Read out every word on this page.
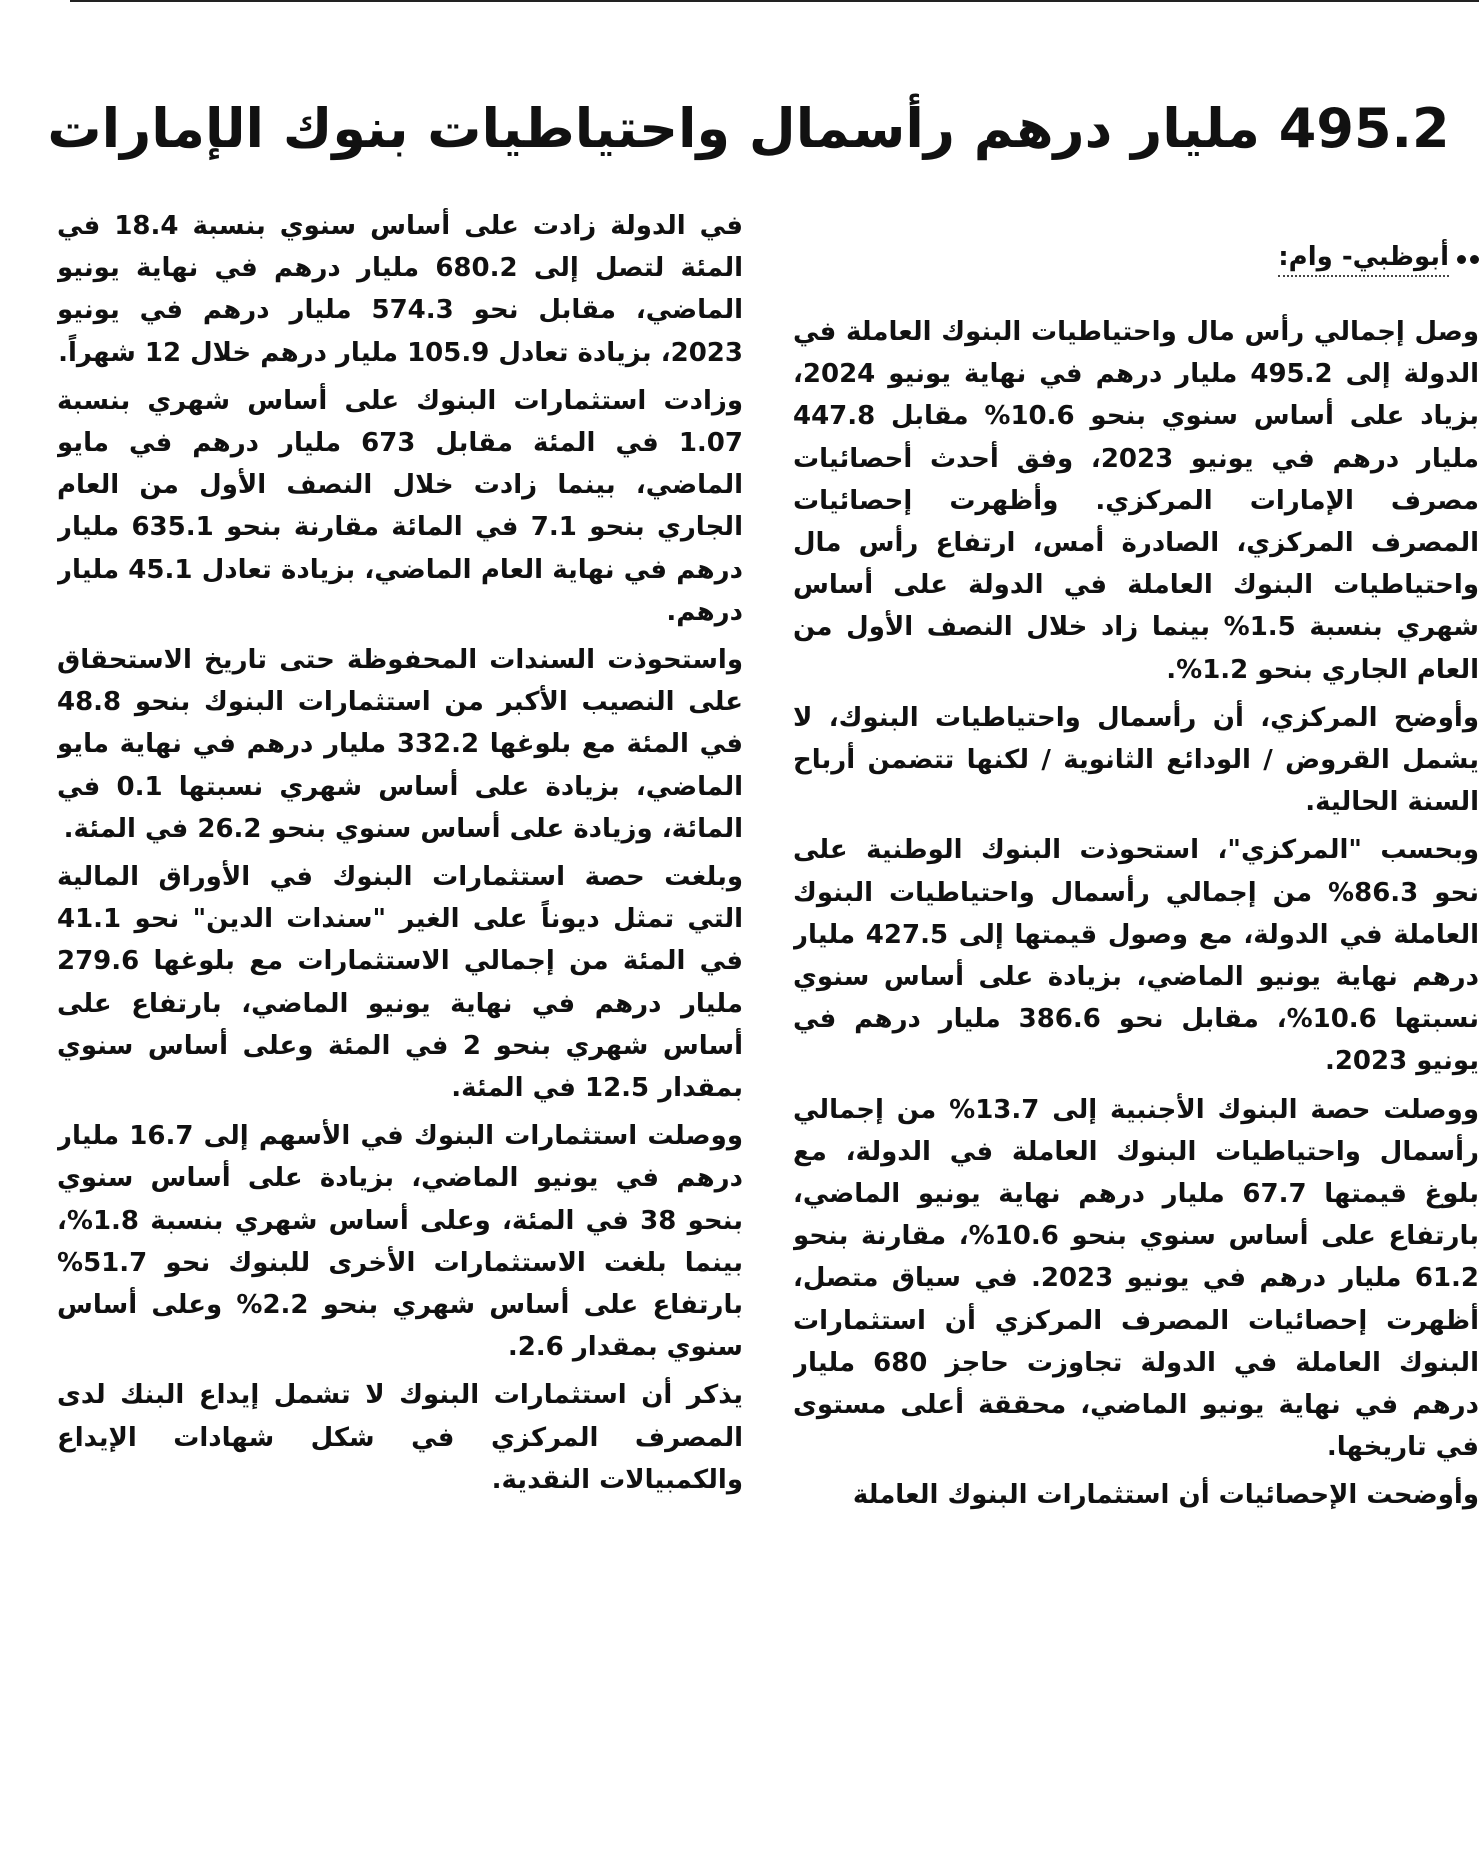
495.2 مليار درهم رأسمال واحتياطيات بنوك الإمارات
أبوظبي- وام:

وصل إجمالي رأس مال واحتياطيات البنوك العاملة في الدولة إلى 495.2 مليار درهم في نهاية يونيو 2024، بزياد على أساس سنوي بنحو 10.6% مقابل 447.8 مليار درهم في يونيو 2023، وفق أحدث أحصائيات مصرف الإمارات المركزي. وأظهرت إحصائيات المصرف المركزي، الصادرة أمس، ارتفاع رأس مال واحتياطيات البنوك العاملة في الدولة على أساس شهري بنسبة 1.5% بينما زاد خلال النصف الأول من العام الجاري بنحو 1.2%.

وأوضح المركزي، أن رأسمال واحتياطيات البنوك، لا يشمل القروض / الودائع الثانوية / لكنها تتضمن أرباح السنة الحالية.

وبحسب "المركزي"، استحوذت البنوك الوطنية على نحو 86.3% من إجمالي رأسمال واحتياطيات البنوك العاملة في الدولة، مع وصول قيمتها إلى 427.5 مليار درهم نهاية يونيو الماضي، بزيادة على أساس سنوي نسبتها 10.6%، مقابل نحو 386.6 مليار درهم في يونيو 2023.

ووصلت حصة البنوك الأجنبية إلى 13.7% من إجمالي رأسمال واحتياطيات البنوك العاملة في الدولة، مع بلوغ قيمتها 67.7 مليار درهم نهاية يونيو الماضي، بارتفاع على أساس سنوي بنحو 10.6%، مقارنة بنحو 61.2 مليار درهم في يونيو 2023. في سياق متصل، أظهرت إحصائيات المصرف المركزي أن استثمارات البنوك العاملة في الدولة تجاوزت حاجز 680 مليار درهم في نهاية يونيو الماضي، محققة أعلى مستوى في تاريخها.

وأوضحت الإحصائيات أن استثمارات البنوك العاملة

في الدولة زادت على أساس سنوي بنسبة 18.4 في المئة لتصل إلى 680.2 مليار درهم في نهاية يونيو الماضي، مقابل نحو 574.3 مليار درهم في يونيو 2023، بزيادة تعادل 105.9 مليار درهم خلال 12 شهراً.

وزادت استثمارات البنوك على أساس شهري بنسبة 1.07 في المئة مقابل 673 مليار درهم في مايو الماضي، بينما زادت خلال النصف الأول من العام الجاري بنحو 7.1 في المائة مقارنة بنحو 635.1 مليار درهم في نهاية العام الماضي، بزيادة تعادل 45.1 مليار درهم.

واستحوذت السندات المحفوظة حتى تاريخ الاستحقاق على النصيب الأكبر من استثمارات البنوك بنحو 48.8 في المئة مع بلوغها 332.2 مليار درهم في نهاية مايو الماضي، بزيادة على أساس شهري نسبتها 0.1 في المائة، وزيادة على أساس سنوي بنحو 26.2 في المئة.

وبلغت حصة استثمارات البنوك في الأوراق المالية التي تمثل ديوناً على الغير "سندات الدين" نحو 41.1 في المئة من إجمالي الاستثمارات مع بلوغها 279.6 مليار درهم في نهاية يونيو الماضي، بارتفاع على أساس شهري بنحو 2 في المئة وعلى أساس سنوي بمقدار 12.5 في المئة.

ووصلت استثمارات البنوك في الأسهم إلى 16.7 مليار درهم في يونيو الماضي، بزيادة على أساس سنوي بنحو 38 في المئة، وعلى أساس شهري بنسبة 1.8%، بينما بلغت الاستثمارات الأخرى للبنوك نحو 51.7% بارتفاع على أساس شهري بنحو 2.2% وعلى أساس سنوي بمقدار 2.6.

يذكر أن استثمارات البنوك لا تشمل إيداع البنك لدى المصرف المركزي في شكل شهادات الإيداع والكمبيالات النقدية.
